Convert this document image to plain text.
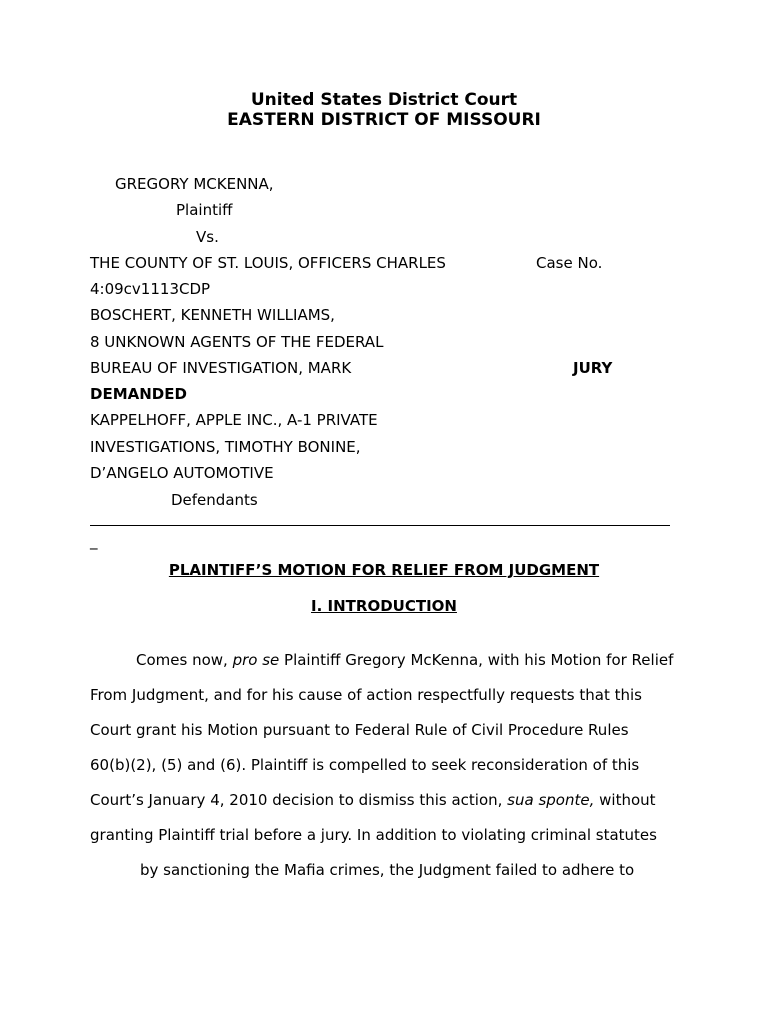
United States District Court
EASTERN DISTRICT OF MISSOURI
GREGORY MCKENNA,
Plaintiff
Vs.
THE COUNTY OF ST. LOUIS, OFFICERS CHARLES	Case No.
4:09cv1113CDP
BOSCHERT, KENNETH WILLIAMS,
8 UNKNOWN AGENTS OF THE FEDERAL
BUREAU OF INVESTIGATION, MARK	JURY
DEMANDED
KAPPELHOFF, APPLE INC., A-1 PRIVATE
INVESTIGATIONS, TIMOTHY BONINE,
D’ANGELO AUTOMOTIVE
Defendants
_
PLAINTIFF’S MOTION FOR RELIEF FROM JUDGMENT
I. INTRODUCTION
Comes now, pro se Plaintiff Gregory McKenna, with his Motion for Relief
From Judgment, and for his cause of action respectfully requests that this
Court grant his Motion pursuant to Federal Rule of Civil Procedure Rules
60(b)(2), (5) and (6). Plaintiff is compelled to seek reconsideration of this
Court’s January 4, 2010 decision to dismiss this action, sua sponte, without
granting Plaintiff trial before a jury. In addition to violating criminal statutes
by sanctioning the Mafia crimes, the Judgment failed to adhere to
